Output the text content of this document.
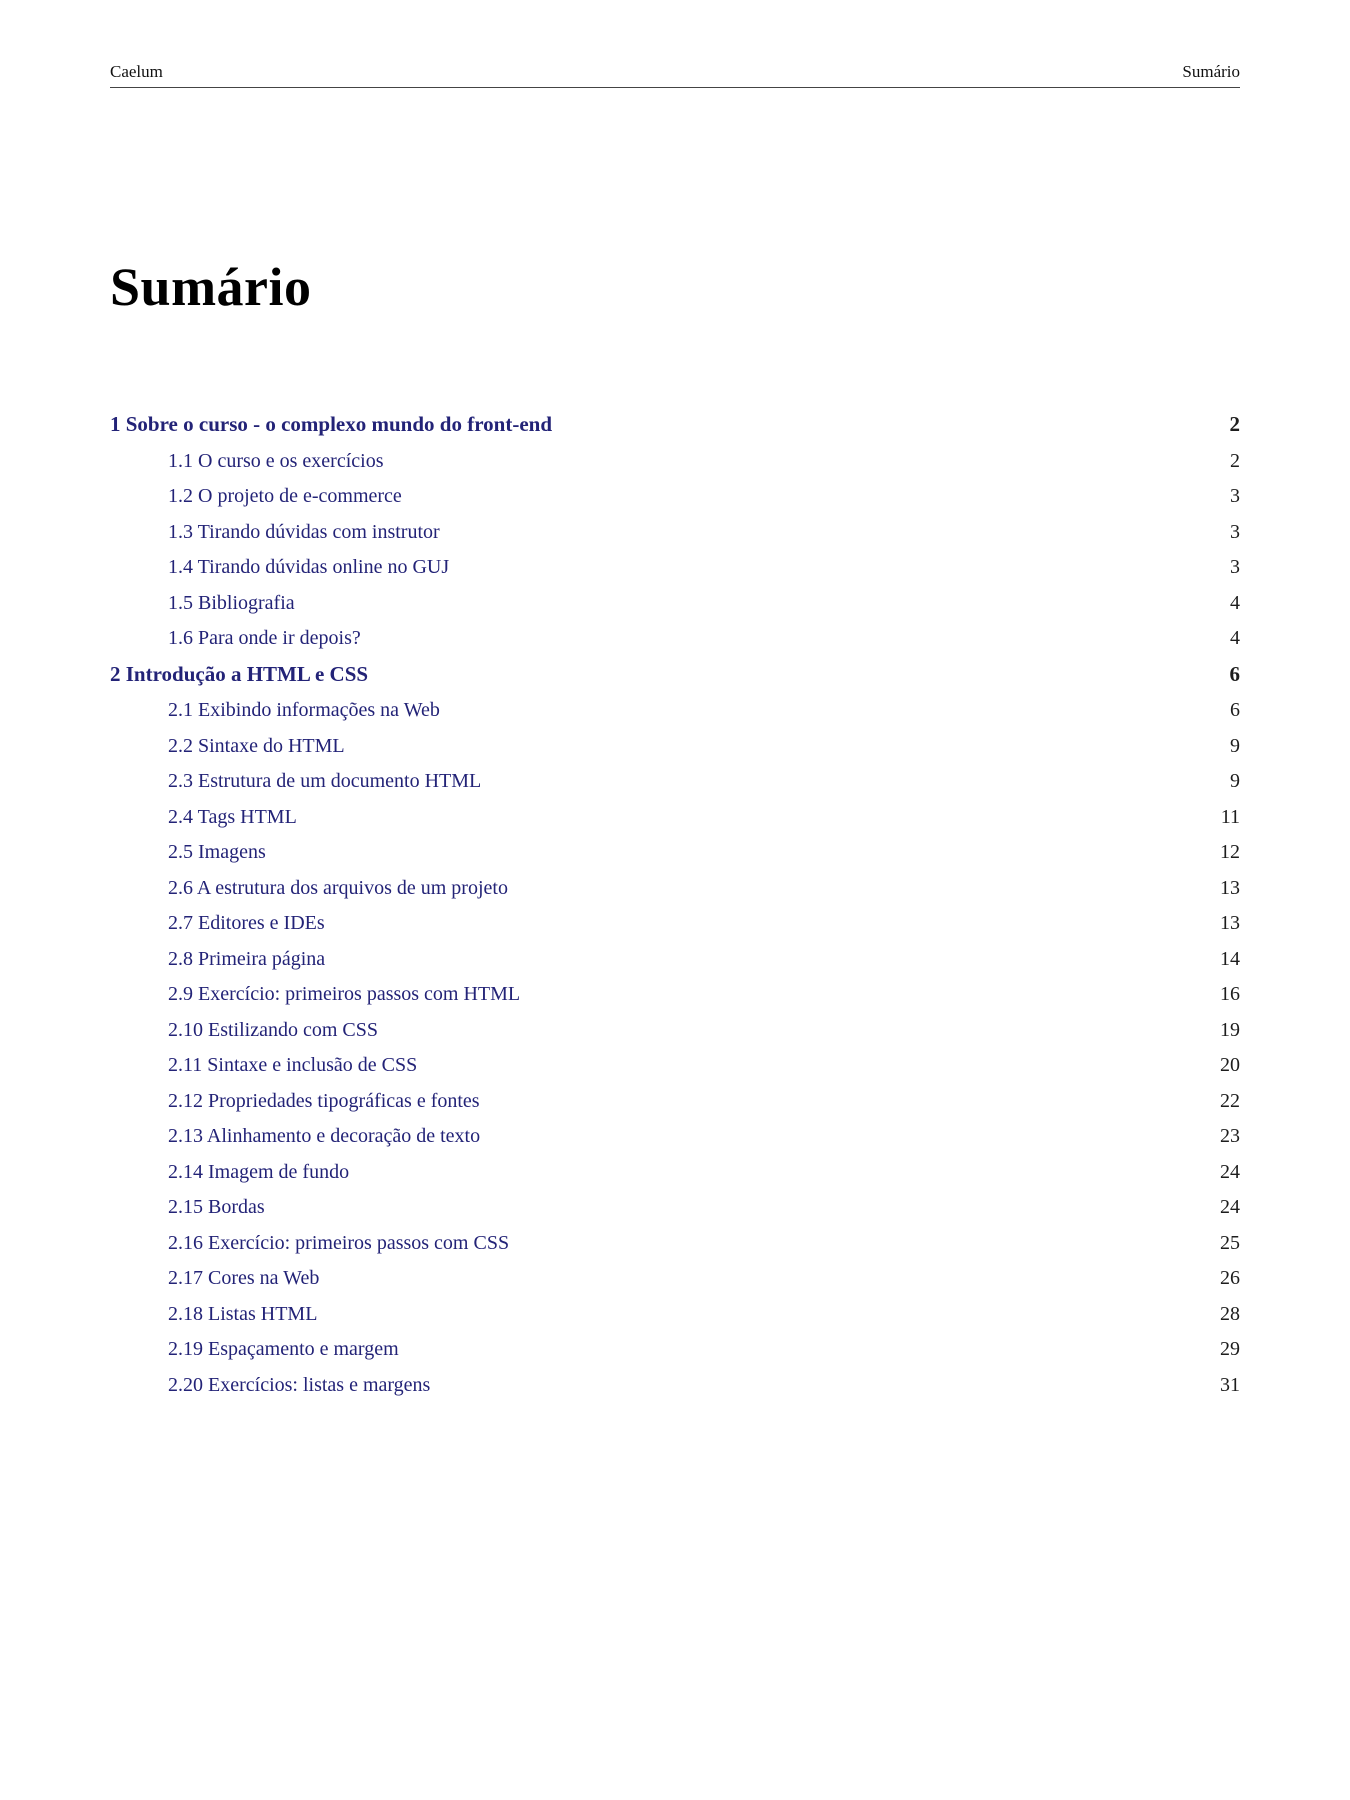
Caelum	Sumário
Sumário
1 Sobre o curso - o complexo mundo do front-end	2
1.1 O curso e os exercícios	2
1.2 O projeto de e-commerce	3
1.3 Tirando dúvidas com instrutor	3
1.4 Tirando dúvidas online no GUJ	3
1.5 Bibliografia	4
1.6 Para onde ir depois?	4
2 Introdução a HTML e CSS	6
2.1 Exibindo informações na Web	6
2.2 Sintaxe do HTML	9
2.3 Estrutura de um documento HTML	9
2.4 Tags HTML	11
2.5 Imagens	12
2.6 A estrutura dos arquivos de um projeto	13
2.7 Editores e IDEs	13
2.8 Primeira página	14
2.9 Exercício: primeiros passos com HTML	16
2.10 Estilizando com CSS	19
2.11 Sintaxe e inclusão de CSS	20
2.12 Propriedades tipográficas e fontes	22
2.13 Alinhamento e decoração de texto	23
2.14 Imagem de fundo	24
2.15 Bordas	24
2.16 Exercício: primeiros passos com CSS	25
2.17 Cores na Web	26
2.18 Listas HTML	28
2.19 Espaçamento e margem	29
2.20 Exercícios: listas e margens	31
